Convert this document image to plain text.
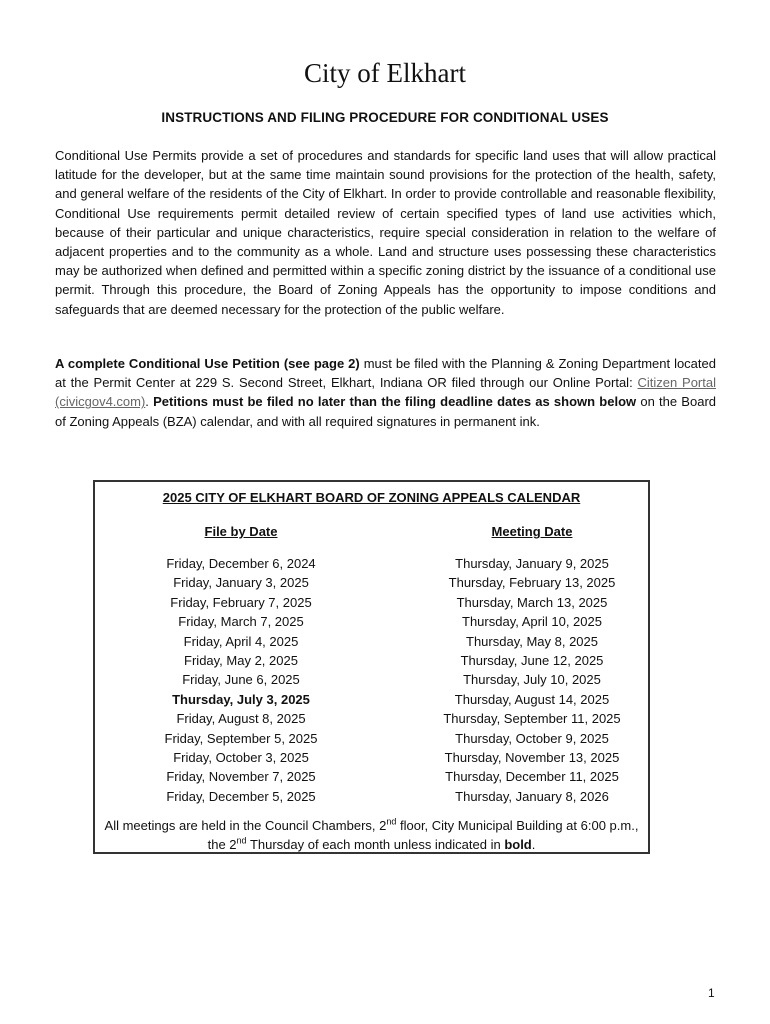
City of Elkhart
INSTRUCTIONS AND FILING PROCEDURE FOR CONDITIONAL USES

Conditional Use Permits provide a set of procedures and standards for specific land uses that will allow practical latitude for the developer, but at the same time maintain sound provisions for the protection of the health, safety, and general welfare of the residents of the City of Elkhart. In order to provide controllable and reasonable flexibility, Conditional Use requirements permit detailed review of certain specified types of land use activities which, because of their particular and unique characteristics, require special consideration in relation to the welfare of adjacent properties and to the community as a whole. Land and structure uses possessing these characteristics may be authorized when defined and permitted within a specific zoning district by the issuance of a conditional use permit. Through this procedure, the Board of Zoning Appeals has the opportunity to impose conditions and safeguards that are deemed necessary for the protection of the public welfare.

A complete Conditional Use Petition (see page 2) must be filed with the Planning & Zoning Department located at the Permit Center at 229 S. Second Street, Elkhart, Indiana OR filed through our Online Portal: Citizen Portal (civicgov4.com). Petitions must be filed no later than the filing deadline dates as shown below on the Board of Zoning Appeals (BZA) calendar, and with all required signatures in permanent ink.

2025 CITY OF ELKHART BOARD OF ZONING APPEALS CALENDAR
File by Date	Meeting Date
Friday, December 6, 2024
Friday, January 3, 2025
Friday, February 7, 2025
Friday, March 7, 2025
Friday, April 4, 2025
Friday, May 2, 2025
Friday, June 6, 2025
Thursday, July 3, 2025
Friday, August 8, 2025
Friday, September 5, 2025
Friday, October 3, 2025
Friday, November 7, 2025
Friday, December 5, 2025
Thursday, January 9, 2025
Thursday, February 13, 2025
Thursday, March 13, 2025
Thursday, April 10, 2025
Thursday, May 8, 2025
Thursday, June 12, 2025
Thursday, July 10, 2025
Thursday, August 14, 2025
Thursday, September 11, 2025
Thursday, October 9, 2025
Thursday, November 13, 2025
Thursday, December 11, 2025
Thursday, January 8, 2026
All meetings are held in the Council Chambers, 2nd floor, City Municipal Building at 6:00 p.m.,
the 2nd Thursday of each month unless indicated in bold.
1
